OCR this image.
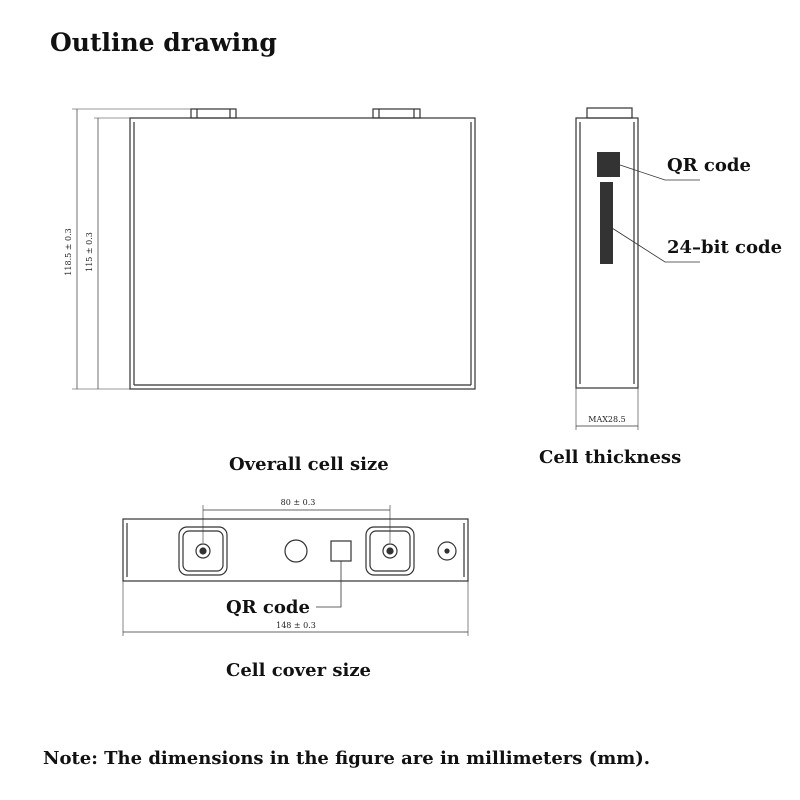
Outline drawing
118.5 ± 0.3 115 ± 0.3
MAX28.5
QR code
24–bit code
80 ± 0.3
148 ± 0.3
QR code
Overall cell size	Cell thickness
Cell cover size
Note: The dimensions in the figure are in millimeters (mm).
